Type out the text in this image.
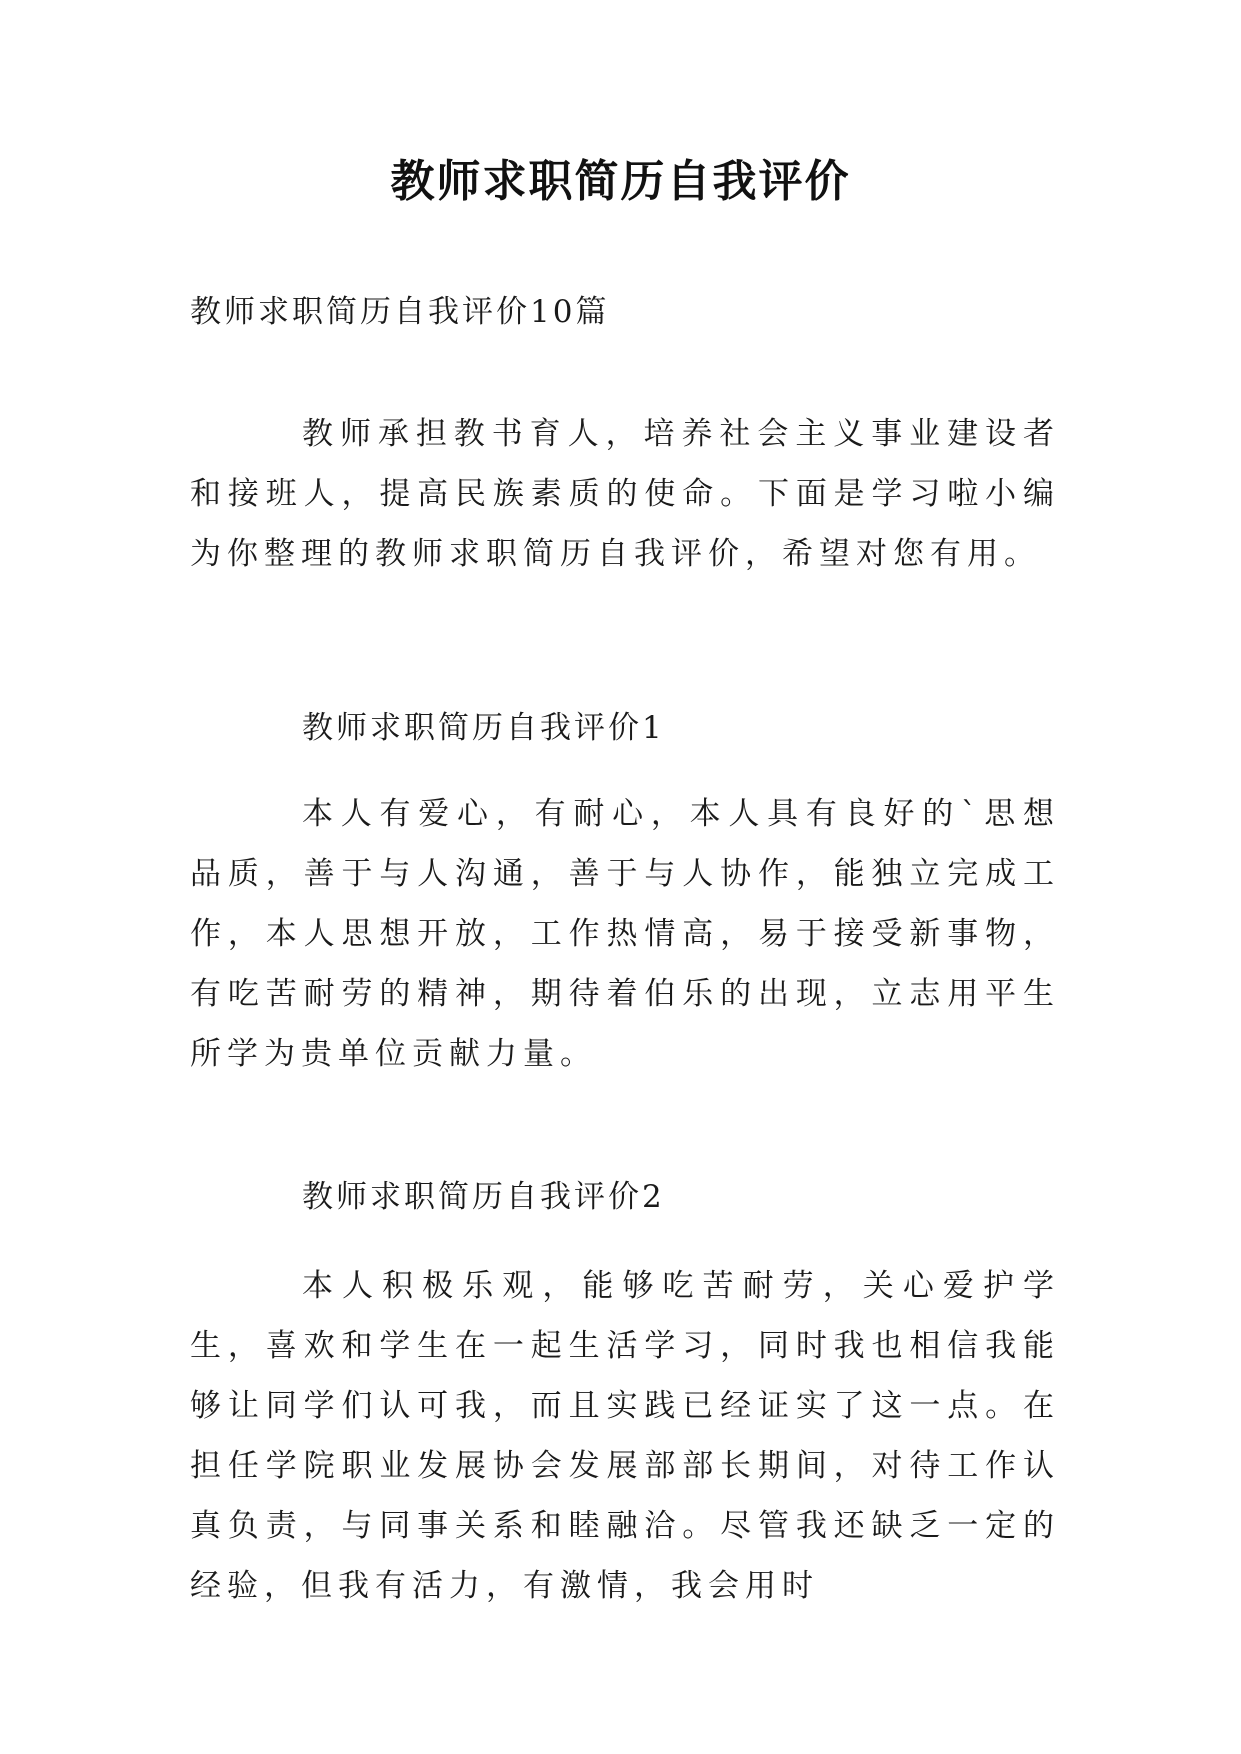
教师求职简历自我评价
教师求职简历自我评价10篇
教师承担教书育人，培养社会主义事业建设者和接班人，提高民族素质的使命。下面是学习啦小编为你整理的教师求职简历自我评价，希望对您有用。
教师求职简历自我评价1
本人有爱心，有耐心，本人具有良好的`思想品质，善于与人沟通，善于与人协作，能独立完成工作，本人思想开放，工作热情高，易于接受新事物，有吃苦耐劳的精神，期待着伯乐的出现，立志用平生所学为贵单位贡献力量。
教师求职简历自我评价2
本人积极乐观，能够吃苦耐劳，关心爱护学生，喜欢和学生在一起生活学习，同时我也相信我能够让同学们认可我，而且实践已经证实了这一点。在担任学院职业发展协会发展部部长期间，对待工作认真负责，与同事关系和睦融洽。尽管我还缺乏一定的经验，但我有活力，有激情，我会用时
